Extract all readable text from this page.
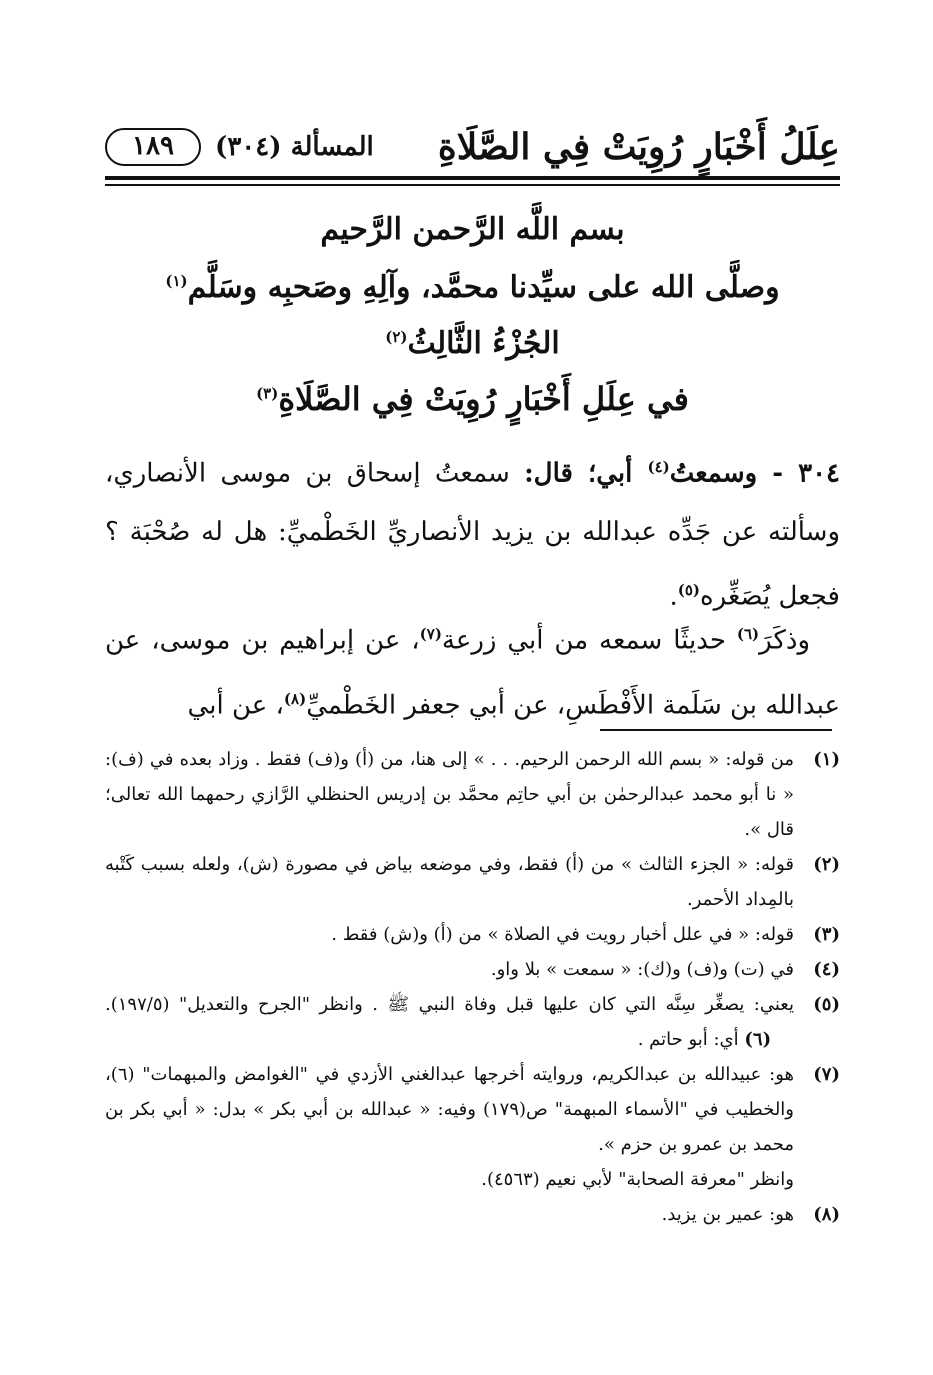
عِلَلُ أَخْبَارٍ رُوِيَتْ فِي الصَّلَاةِ
المسألة (٣٠٤)
١٨٩
بسم اللَّه الرَّحمن الرَّحيم
وصلَّى الله على سيِّدنا محمَّد، وآلِهِ وصَحبِه وسَلَّم$^{(١)}$
الجُزْءُ الثَّالِثُ$^{(٢)}$
في عِلَلِ أَخْبَارٍ رُوِيَتْ فِي الصَّلَاةِ$^{(٣)}$
٣٠٤ - وسمعتُ$^{(٤)}$ أبي؛ قال: سمعتُ إسحاق بن موسى الأنصاري، وسألته عن جَدِّه عبدالله بن يزيد الأنصاريِّ الخَطْميِّ: هل له صُحْبَة ؟ فجعل يُصَغِّره$^{(٥)}$.
وذكَرَ$^{(٦)}$ حديثًا سمعه من أبي زرعة$^{(٧)}$، عن إبراهيم بن موسى، عن عبدالله بن سَلَمة الأَفْطَسِ، عن أبي جعفر الخَطْميِّ$^{(٨)}$، عن أبي
(١)
من قوله: « بسم الله الرحمن الرحيم. . . » إلى هنا، من (أ) و(ف) فقط . وزاد بعده في (ف): « نا أبو محمد عبدالرحمٰن بن أبي حاتِم محمَّد بن إدريس الحنظلي الرَّازي رحمهما الله تعالى؛ قال ».
(٢)
قوله: « الجزء الثالث » من (أ) فقط، وفي موضعه بياض في مصورة (ش)، ولعله بسبب كَتْبه بالمِداد الأحمر.
(٣)
قوله: « في علل أخبار رويت في الصلاة » من (أ) و(ش) فقط .
(٤)
في (ت) و(ف) و(ك): « سمعت » بلا واو.
(٥)
يعني: يصغِّر سِنَّه التي كان عليها قبل وفاة النبي ﷺ . وانظر "الجرح والتعديل" (١٩٧/٥).     (٦) أي: أبو حاتم .
(٧)
هو: عبيدالله بن عبدالكريم، وروايته أخرجها عبدالغني الأزدي في "الغوامض والمبهمات" (٦)، والخطيب في "الأسماء المبهمة" ص(١٧٩) وفيه: « عبدالله بن أبي بكر » بدل: « أبي بكر بن محمد بن عمرو بن حزم ».
وانظر "معرفة الصحابة" لأبي نعيم (٤٥٦٣).
(٨)
هو: عمير بن يزيد.
